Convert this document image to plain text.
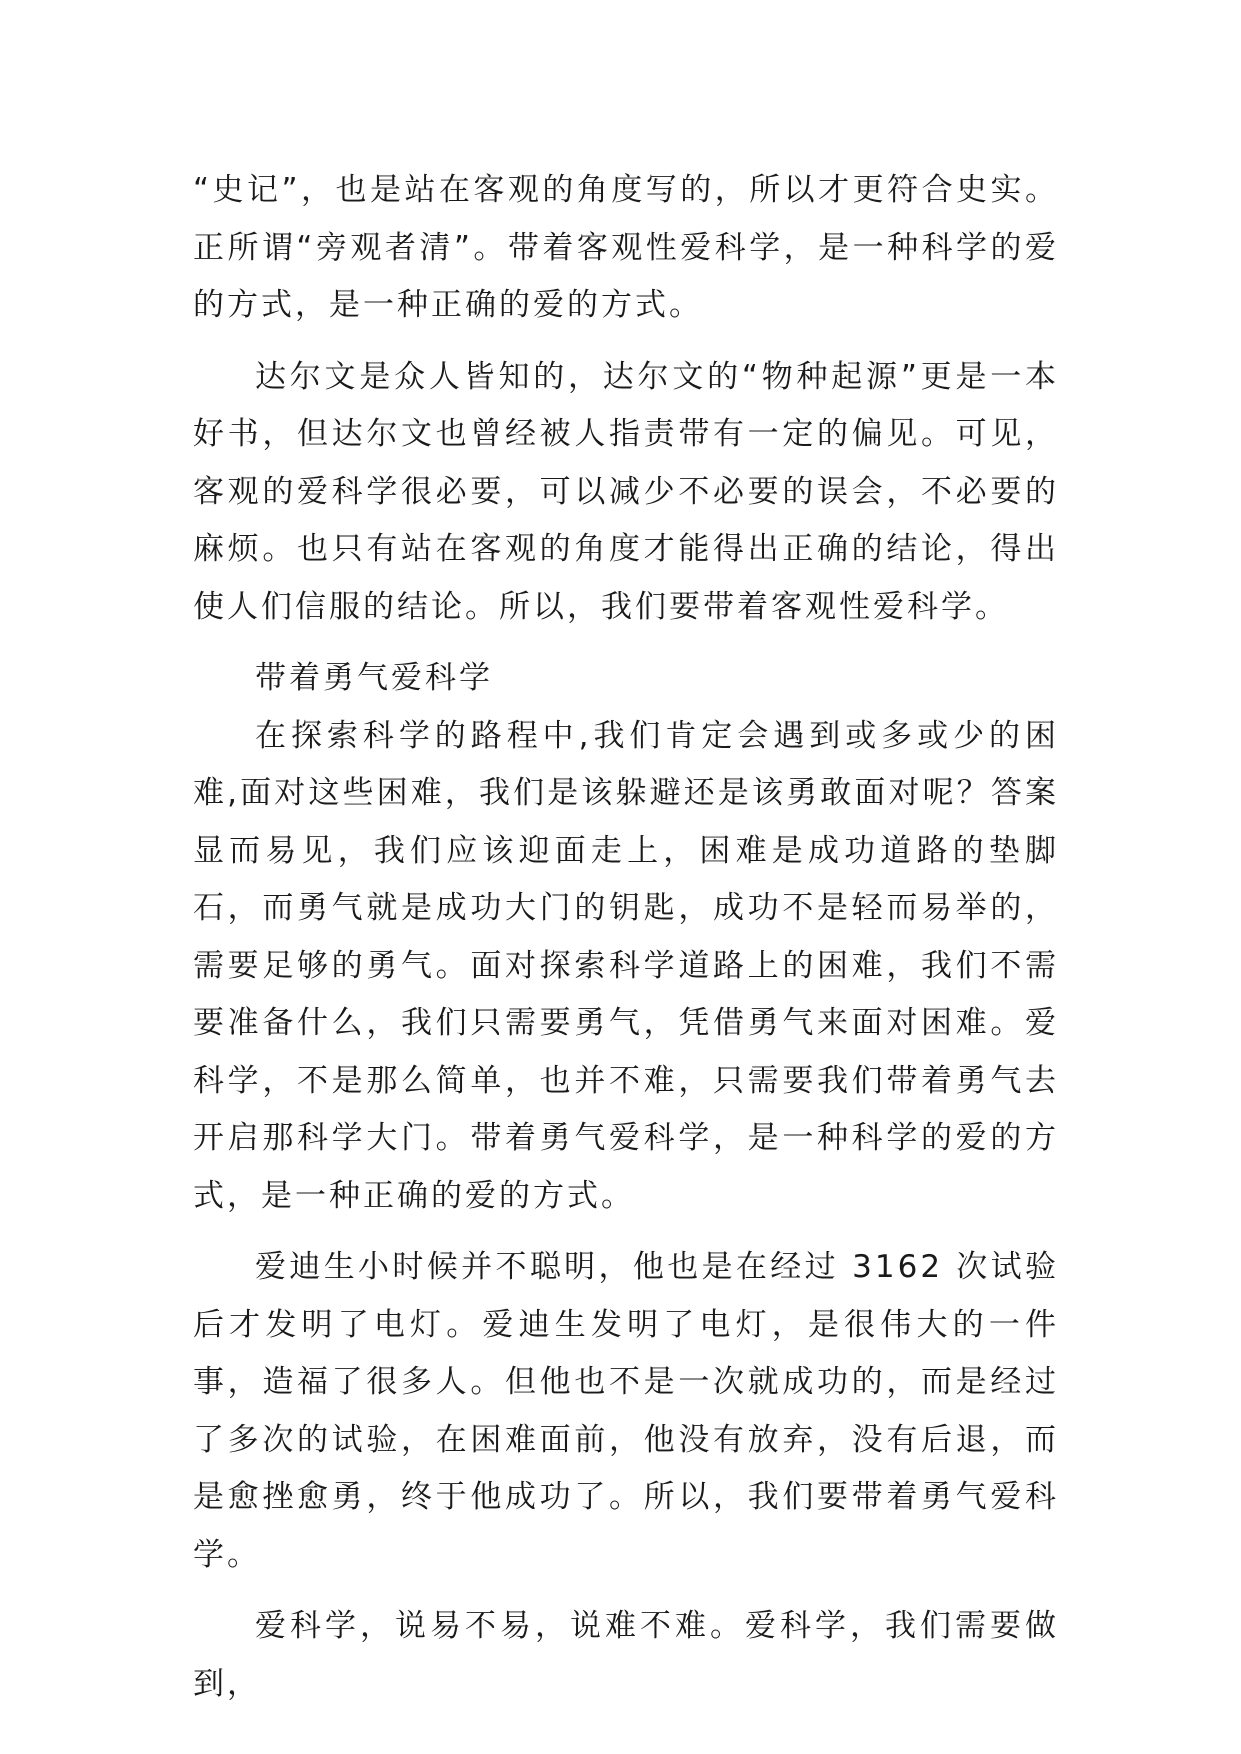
“史记”，也是站在客观的角度写的，所以才更符合史实。正所谓“旁观者清”。带着客观性爱科学，是一种科学的爱的方式，是一种正确的爱的方式。

达尔文是众人皆知的，达尔文的“物种起源”更是一本好书，但达尔文也曾经被人指责带有一定的偏见。可见，客观的爱科学很必要，可以减少不必要的误会，不必要的麻烦。也只有站在客观的角度才能得出正确的结论，得出使人们信服的结论。所以，我们要带着客观性爱科学。

带着勇气爱科学

在探索科学的路程中,我们肯定会遇到或多或少的困难,面对这些困难，我们是该躲避还是该勇敢面对呢？答案显而易见，我们应该迎面走上，困难是成功道路的垫脚石，而勇气就是成功大门的钥匙，成功不是轻而易举的，需要足够的勇气。面对探索科学道路上的困难，我们不需要准备什么，我们只需要勇气，凭借勇气来面对困难。爱科学，不是那么简单，也并不难，只需要我们带着勇气去开启那科学大门。带着勇气爱科学，是一种科学的爱的方式，是一种正确的爱的方式。

爱迪生小时候并不聪明，他也是在经过 3162 次试验后才发明了电灯。爱迪生发明了电灯，是很伟大的一件事，造福了很多人。但他也不是一次就成功的，而是经过了多次的试验，在困难面前，他没有放弃，没有后退，而是愈挫愈勇，终于他成功了。所以，我们要带着勇气爱科学。

爱科学，说易不易，说难不难。爱科学，我们需要做到，
